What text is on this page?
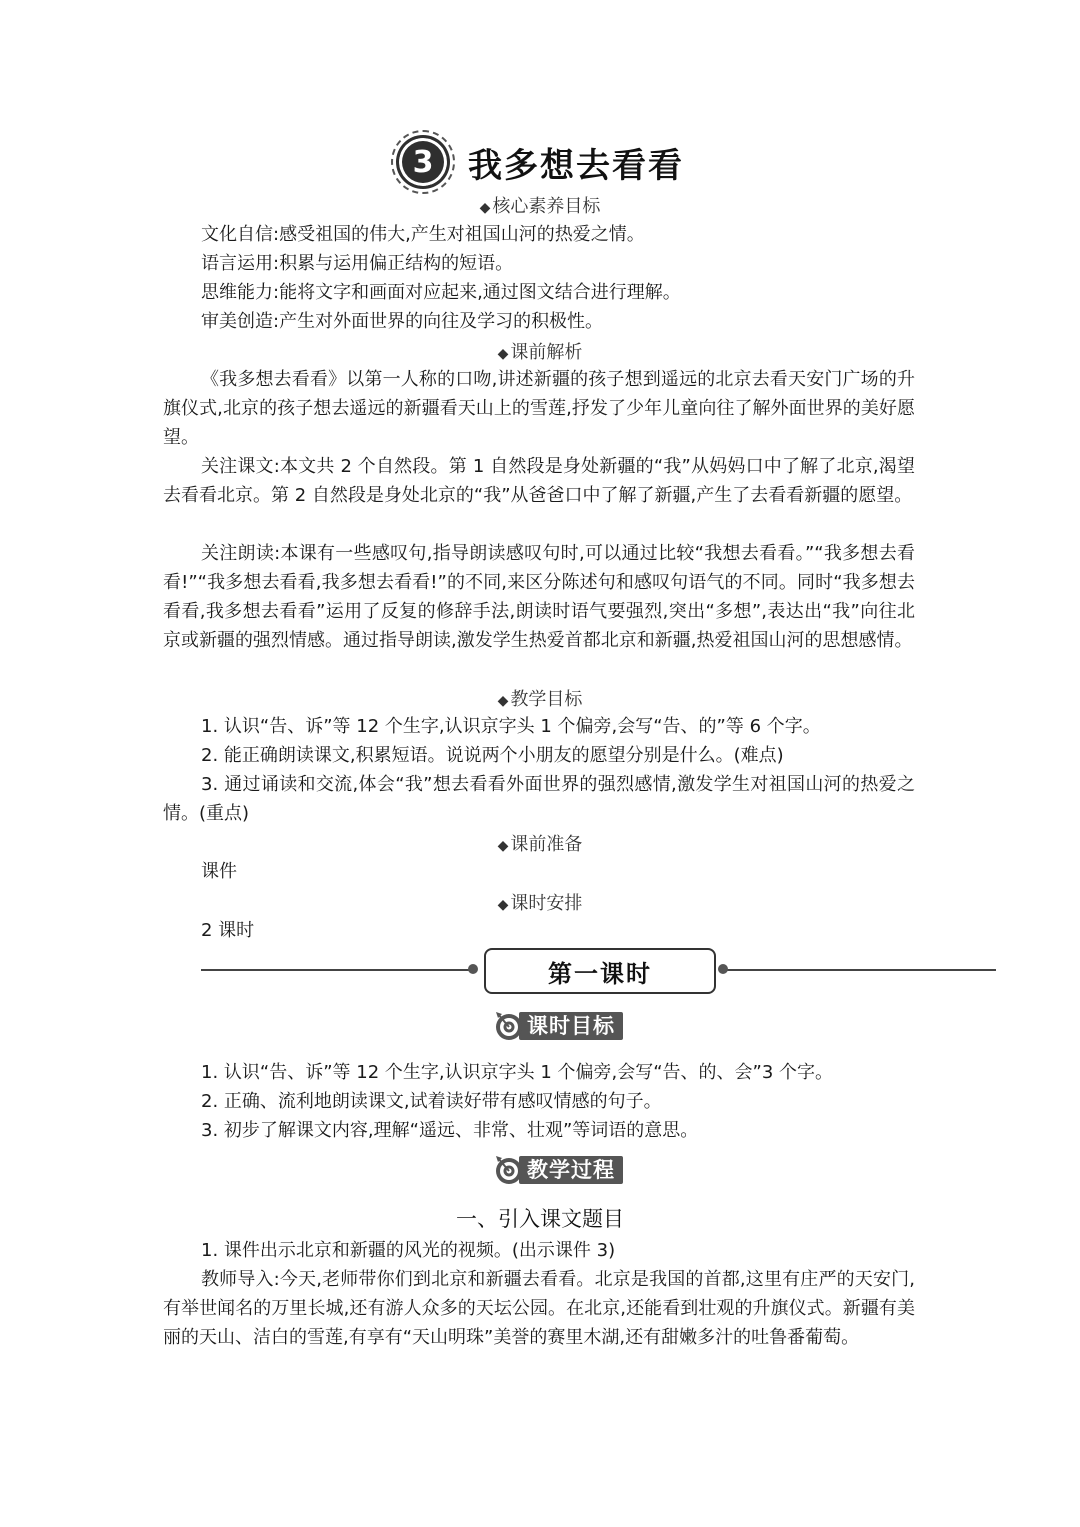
3	我多想去看看
◆ 核心素养目标
文化自信:感受祖国的伟大,产生对祖国山河的热爱之情。
语言运用:积累与运用偏正结构的短语。
思维能力:能将文字和画面对应起来,通过图文结合进行理解。
审美创造:产生对外面世界的向往及学习的积极性。
◆ 课前解析
《我多想去看看》以第一人称的口吻,讲述新疆的孩子想到遥远的北京去看天安门广场的升旗仪式,北京的孩子想去遥远的新疆看天山上的雪莲,抒发了少年儿童向往了解外面世界的美好愿望。
关注课文:本文共 2 个自然段。第 1 自然段是身处新疆的“我”从妈妈口中了解了北京,渴望去看看北京。第 2 自然段是身处北京的“我”从爸爸口中了解了新疆,产生了去看看新疆的愿望。
关注朗读:本课有一些感叹句,指导朗读感叹句时,可以通过比较“我想去看看。”“我多想去看看!”“我多想去看看,我多想去看看!”的不同,来区分陈述句和感叹句语气的不同。同时“我多想去看看,我多想去看看”运用了反复的修辞手法,朗读时语气要强烈,突出“多想”,表达出“我”向往北京或新疆的强烈情感。通过指导朗读,激发学生热爱首都北京和新疆,热爱祖国山河的思想感情。
◆ 教学目标
1. 认识“告、诉”等 12 个生字,认识京字头 1 个偏旁,会写“告、的”等 6 个字。
2. 能正确朗读课文,积累短语。说说两个小朋友的愿望分别是什么。(难点)
3. 通过诵读和交流,体会“我”想去看看外面世界的强烈感情,激发学生对祖国山河的热爱之情。(重点)
◆ 课前准备
课件
◆ 课时安排
2 课时
第一课时
课时目标
1. 认识“告、诉”等 12 个生字,认识京字头 1 个偏旁,会写“告、的、会”3 个字。
2. 正确、流利地朗读课文,试着读好带有感叹情感的句子。
3. 初步了解课文内容,理解“遥远、非常、壮观”等词语的意思。
教学过程
一、引入课文题目
1. 课件出示北京和新疆的风光的视频。(出示课件 3)
教师导入:今天,老师带你们到北京和新疆去看看。北京是我国的首都,这里有庄严的天安门,有举世闻名的万里长城,还有游人众多的天坛公园。在北京,还能看到壮观的升旗仪式。新疆有美丽的天山、洁白的雪莲,有享有“天山明珠”美誉的赛里木湖,还有甜嫩多汁的吐鲁番葡萄。
